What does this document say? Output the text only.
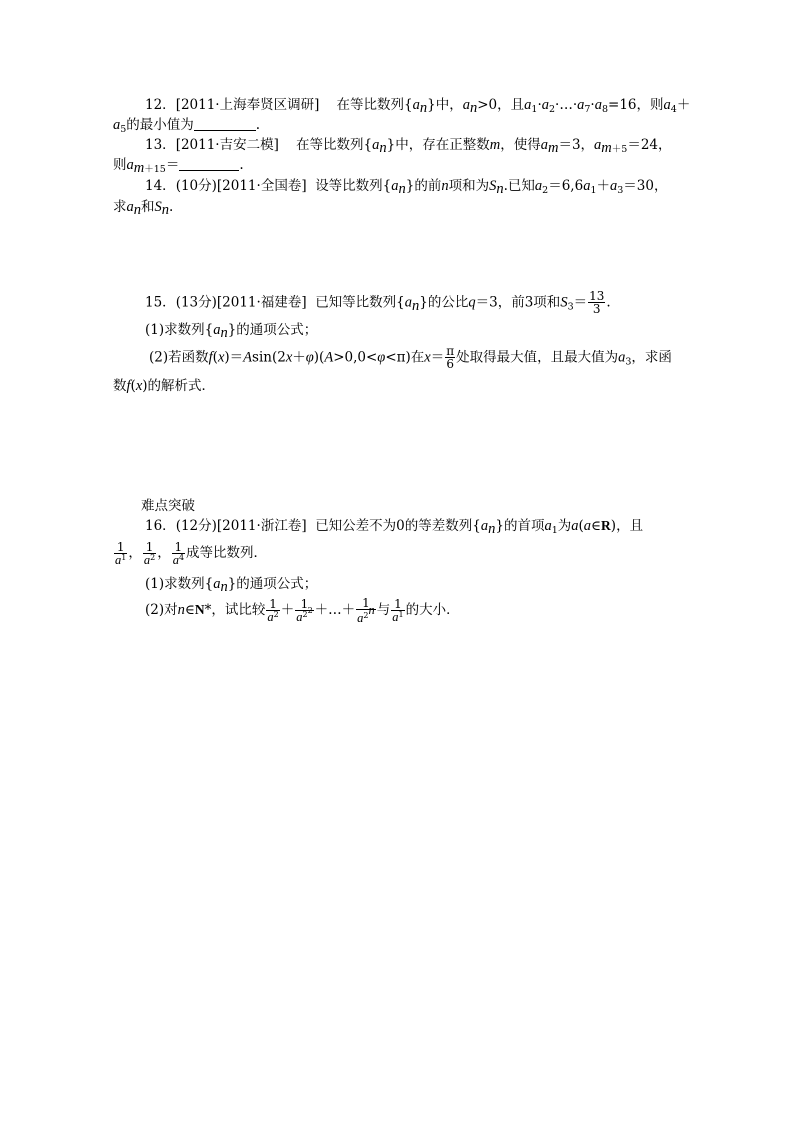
12．[2011·上海奉贤区调研] 在等比数列$\{a_n\}$中，$a_n>0$，且$a_1\cdot a_2\cdot\dots\cdot a_7\cdot a_8=16$，则$a_4+$
$a_5$的最小值为	.
13．[2011·吉安二模] 在等比数列$\{a_n\}$中，存在正整数m，使得$a_m=3$，$a_{m+5}=24$，
则$a_{m+15}=$	.
14．(10分)[2011·全国卷] 设等比数列$\{a_n\}$的前n项和为$S_n$.已知$a_2=6,6a_1+a_3=30$，
求$a_n$和$S_n$.
15．(13分)[2011·福建卷] 已知等比数列$\{a_n\}$的公比q＝3，前3项和$S_3= \frac{13}{3}$ .
(1)求数列$\{a_n\}$的通项公式；
(2)若函数f(x)＝Asin(2x＋φ)(A>0,0<φ<π)在$x= \frac{\pi}{6}$ 处取得最大值，且最大值为$a_3$，求函
数f(x)的解析式．
难点突破
16．(12分)[2011·浙江卷] 已知公差不为0的等差数列$\{a_n\}$的首项$a_1$为a(a∈R)，且
$\frac{1}{a^1}$ ， $\frac{1}{a^2}$ ， $\frac{1}{a^4}$ 成等比数列．
(1)求数列$\{a_n\}$的通项公式；
(2)对n∈N*，试比较 $\frac{1}{a^2} + \frac{1}{a^{2^2}}$ ＋…＋ $\frac{1}{a^{2^n}}$ 与 $\frac{1}{a^1}$ 的大小．
